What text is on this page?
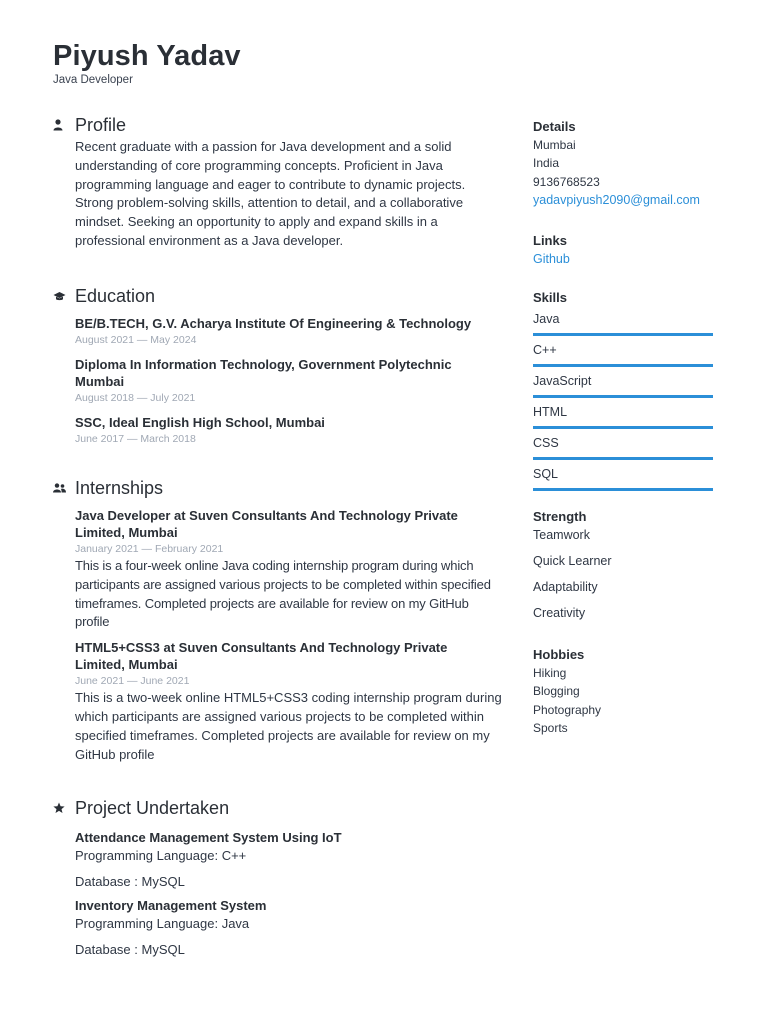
Piyush Yadav
Java Developer
Profile
Recent graduate with a passion for Java development and a solid understanding of core programming concepts. Proficient in Java programming language and eager to contribute to dynamic projects. Strong problem-solving skills, attention to detail, and a collaborative mindset. Seeking an opportunity to apply and expand skills in a professional environment as a Java developer.
Education
BE/B.TECH, G.V. Acharya Institute Of Engineering & Technology
August 2021 — May 2024
Diploma In Information Technology, Government Polytechnic Mumbai
August 2018 — July 2021
SSC, Ideal English High School, Mumbai
June 2017 — March 2018
Internships
Java Developer at Suven Consultants And Technology Private Limited, Mumbai
January 2021 — February 2021
This is a four-week online Java coding internship program during which participants are assigned various projects to be completed within specified timeframes. Completed projects are available for review on my GitHub profile
HTML5+CSS3 at Suven Consultants And Technology Private Limited, Mumbai
June 2021 — June 2021
This is a two-week online HTML5+CSS3 coding internship program during which participants are assigned various projects to be completed within specified timeframes. Completed projects are available for review on my GitHub profile
Project Undertaken
Attendance Management System Using IoT
Programming Language: C++
Database : MySQL
Inventory Management System
Programming Language: Java
Database : MySQL
Details
Mumbai
India
9136768523
yadavpiyush2090@gmail.com
Links
Github
Skills
Java
C++
JavaScript
HTML
CSS
SQL
Strength
Teamwork
Quick Learner
Adaptability
Creativity
Hobbies
Hiking
Blogging
Photography
Sports
